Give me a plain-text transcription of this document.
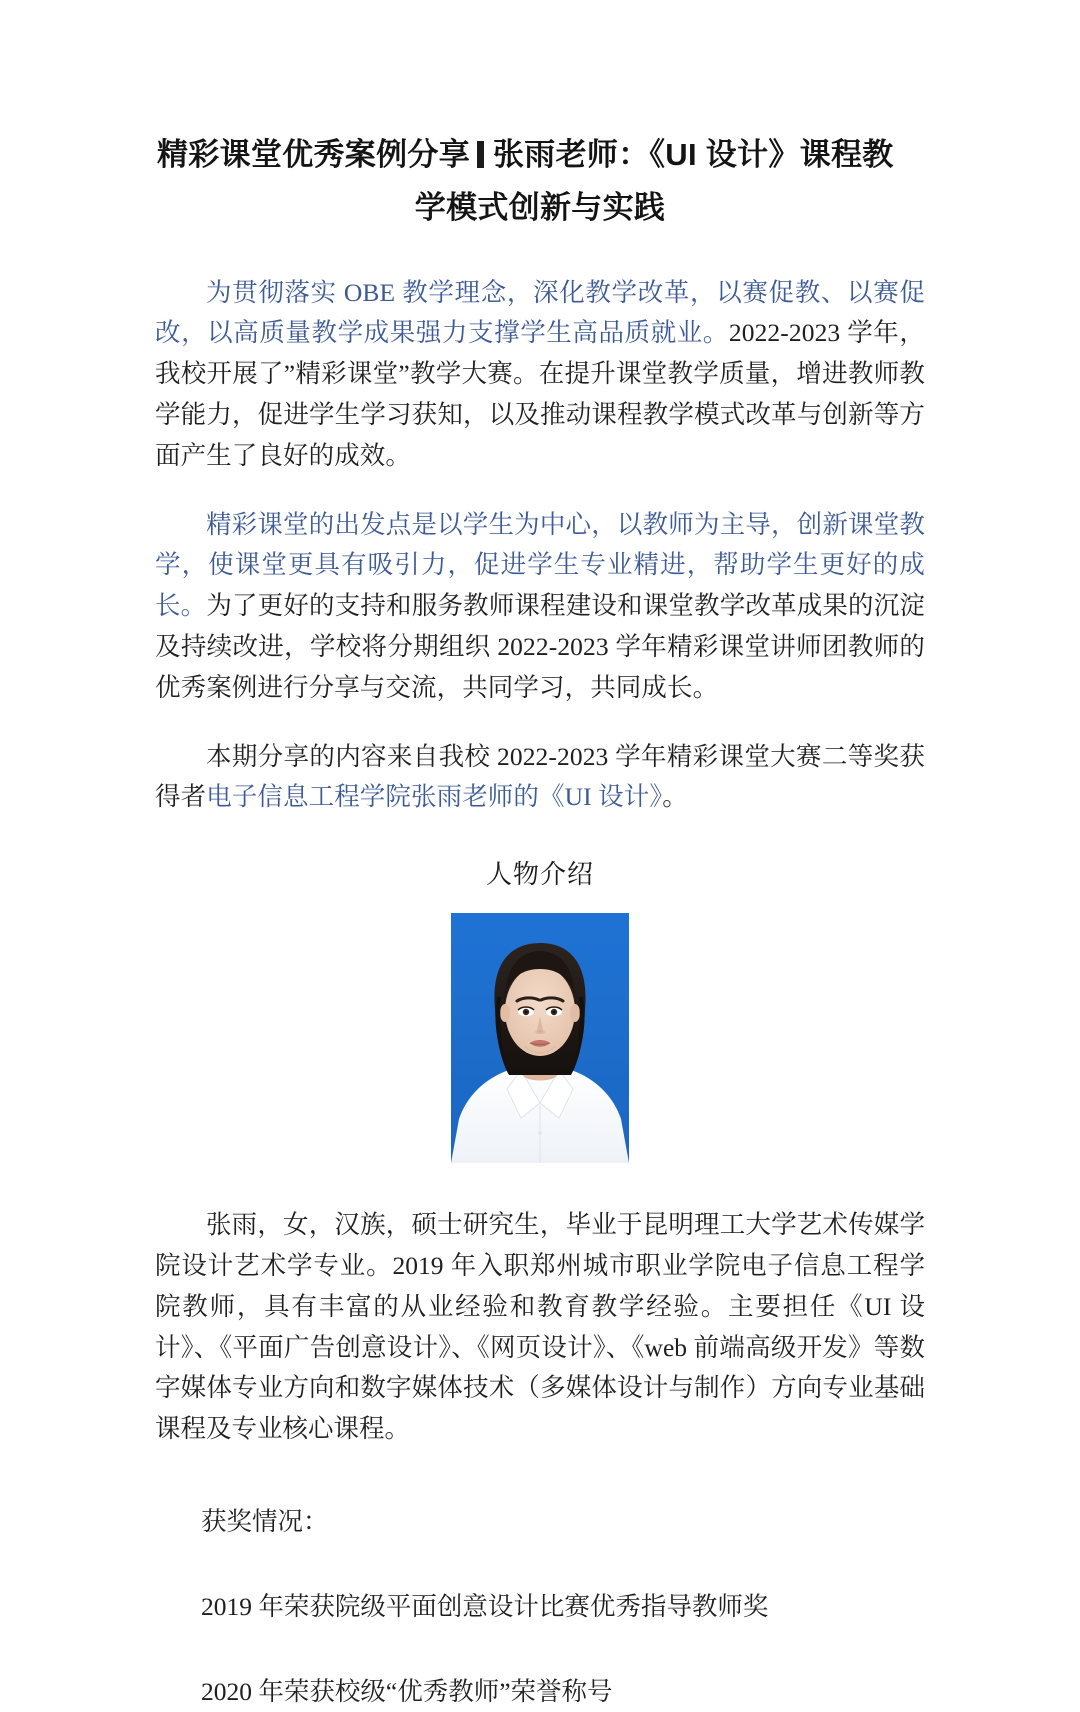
精彩课堂优秀案例分享 张雨老师：《UI 设计》课程教
学模式创新与实践

为贯彻落实 OBE 教学理念，深化教学改革，以赛促教、以赛促改，以高质量教学成果强力支撑学生高品质就业。2022-2023 学年，我校开展了”精彩课堂”教学大赛。在提升课堂教学质量，增进教师教学能力，促进学生学习获知，以及推动课程教学模式改革与创新等方面产生了良好的成效。

精彩课堂的出发点是以学生为中心，以教师为主导，创新课堂教学，使课堂更具有吸引力，促进学生专业精进，帮助学生更好的成长。为了更好的支持和服务教师课程建设和课堂教学改革成果的沉淀及持续改进，学校将分期组织 2022-2023 学年精彩课堂讲师团教师的优秀案例进行分享与交流，共同学习，共同成长。

本期分享的内容来自我校 2022-2023 学年精彩课堂大赛二等奖获得者电子信息工程学院张雨老师的《UI 设计》。

人物介绍

张雨，女，汉族，硕士研究生，毕业于昆明理工大学艺术传媒学院设计艺术学专业。2019 年入职郑州城市职业学院电子信息工程学院教师，具有丰富的从业经验和教育教学经验。主要担任《UI 设计》、《平面广告创意设计》、《网页设计》、《web 前端高级开发》等数字媒体专业方向和数字媒体技术（多媒体设计与制作）方向专业基础课程及专业核心课程。

获奖情况：

2019 年荣获院级平面创意设计比赛优秀指导教师奖

2020 年荣获校级“优秀教师”荣誉称号
